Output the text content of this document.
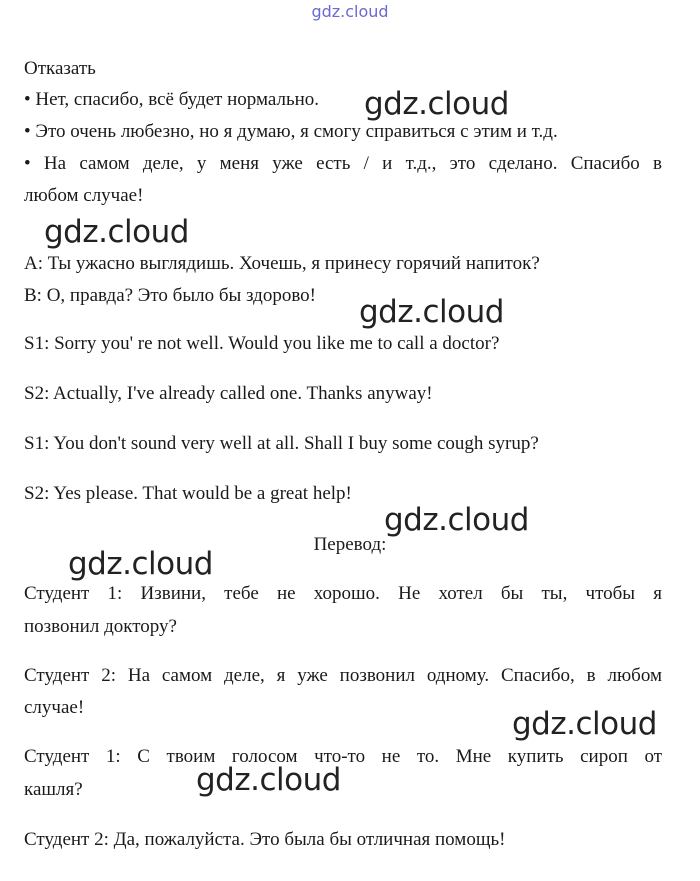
gdz.cloud
Отказать
• Нет, спасибо, всё будет нормально.
• Это очень любезно, но я думаю, я смогу справиться с этим и т.д.
• На самом деле, у меня уже есть / и т.д., это сделано. Спасибо в
любом случае!
A: Ты ужасно выглядишь. Хочешь, я принесу горячий напиток?
B: О, правда? Это было бы здорово!
S1: Sorry you' re not well. Would you like me to call a doctor?
S2: Actually, I've already called one. Thanks anyway!
S1: You don't sound very well at all. Shall I buy some cough syrup?
S2: Yes please. That would be a great help!
Перевод:
Студент 1: Извини, тебе не хорошо. Не хотел бы ты, чтобы я
позвонил доктору?
Студент 2: На самом деле, я уже позвонил одному. Спасибо, в любом
случае!
Студент 1: С твоим голосом что-то не то. Мне купить сироп от
кашля?
Студент 2: Да, пожалуйста. Это была бы отличная помощь!
gdz.cloud
gdz.cloud
gdz.cloud
gdz.cloud
gdz.cloud
gdz.cloud
gdz.cloud
